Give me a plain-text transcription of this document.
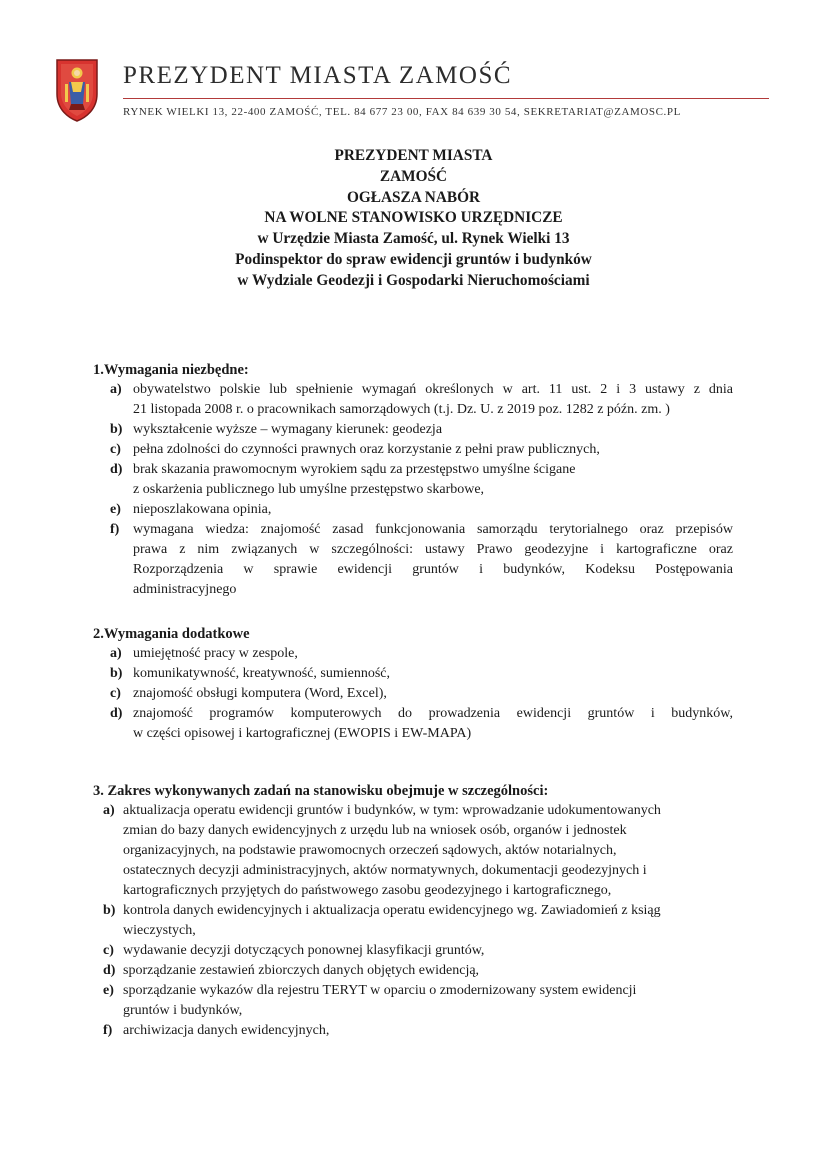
PREZYDENT MIASTA ZAMOŚĆ
RYNEK WIELKI 13, 22-400 ZAMOŚĆ, TEL. 84 677 23 00, FAX 84 639 30 54, SEKRETARIAT@ZAMOSC.PL
PREZYDENT MIASTA
ZAMOŚĆ
OGŁASZA NABÓR
NA WOLNE STANOWISKO URZĘDNICZE
w Urzędzie Miasta Zamość, ul. Rynek Wielki 13
Podinspektor do spraw ewidencji gruntów i budynków
w Wydziale Geodezji i Gospodarki Nieruchomościami
1.Wymagania niezbędne:
a) obywatelstwo polskie lub spełnienie wymagań określonych w art. 11 ust. 2 i 3 ustawy z dnia
21 listopada 2008 r. o pracownikach samorządowych (t.j. Dz. U. z 2019 poz. 1282 z późn. zm. )
b) wykształcenie wyższe – wymagany kierunek: geodezja
c) pełna zdolności do czynności prawnych oraz korzystanie z pełni praw publicznych,
d) brak skazania prawomocnym wyrokiem sądu za przestępstwo umyślne ścigane
z oskarżenia publicznego lub umyślne przestępstwo skarbowe,
e) nieposzlakowana opinia,
f) wymagana wiedza: znajomość zasad funkcjonowania samorządu terytorialnego oraz przepisów
prawa z nim związanych w szczególności: ustawy Prawo geodezyjne i kartograficzne oraz
Rozporządzenia w sprawie ewidencji gruntów i budynków, Kodeksu Postępowania
administracyjnego
2.Wymagania dodatkowe
a) umiejętność pracy w zespole,
b) komunikatywność, kreatywność, sumienność,
c) znajomość obsługi komputera (Word, Excel),
d) znajomość programów komputerowych do prowadzenia ewidencji gruntów i budynków,
w części opisowej i kartograficznej (EWOPIS i EW-MAPA)
3. Zakres wykonywanych zadań na stanowisku obejmuje w szczególności:
a) aktualizacja operatu ewidencji gruntów i budynków, w tym: wprowadzanie udokumentowanych
zmian do bazy danych ewidencyjnych z urzędu lub na wniosek osób, organów i jednostek
organizacyjnych, na podstawie prawomocnych orzeczeń sądowych, aktów notarialnych,
ostatecznych decyzji administracyjnych, aktów normatywnych, dokumentacji geodezyjnych i
kartograficznych przyjętych do państwowego zasobu geodezyjnego i kartograficznego,
b) kontrola danych ewidencyjnych i aktualizacja operatu ewidencyjnego wg. Zawiadomień z ksiąg
wieczystych,
c) wydawanie decyzji dotyczących ponownej klasyfikacji gruntów,
d) sporządzanie zestawień zbiorczych danych objętych ewidencją,
e) sporządzanie wykazów dla rejestru TERYT w oparciu o zmodernizowany system ewidencji
gruntów i budynków,
f) archiwizacja danych ewidencyjnych,
